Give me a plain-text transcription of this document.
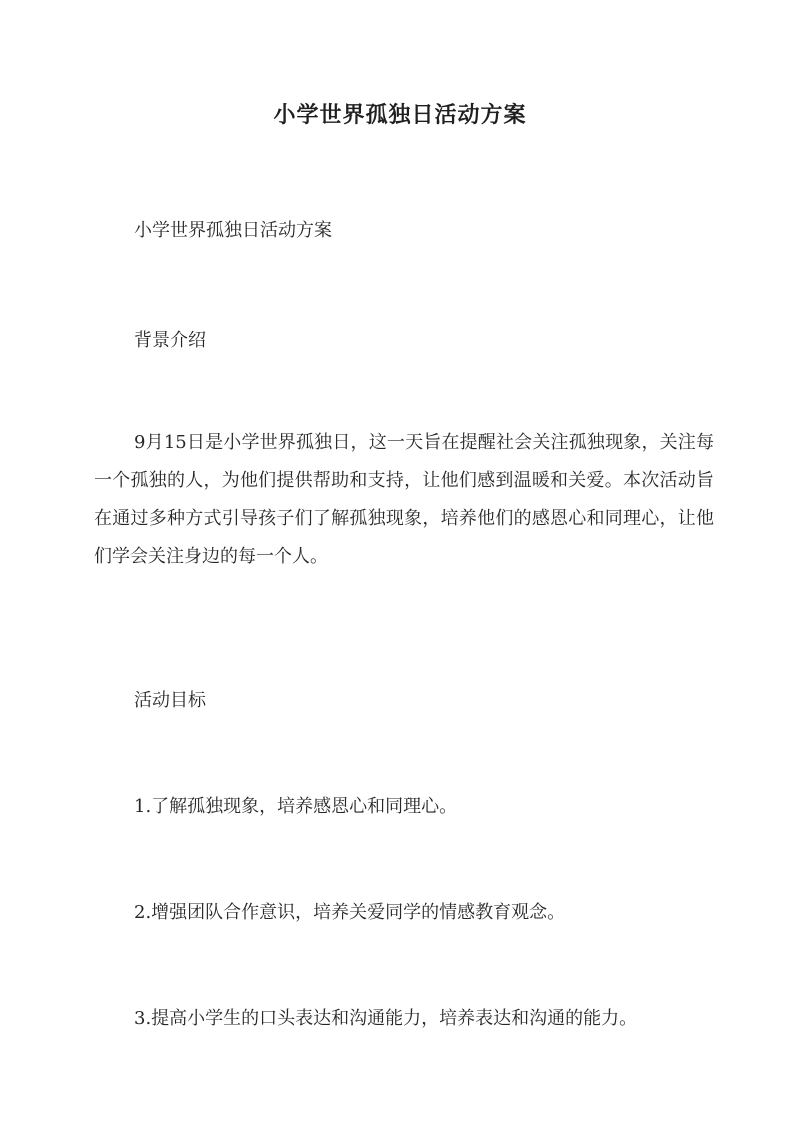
小学世界孤独日活动方案
小学世界孤独日活动方案
背景介绍
9月15日是小学世界孤独日，这一天旨在提醒社会关注孤独现象，关注每一个孤独的人，为他们提供帮助和支持，让他们感到温暖和关爱。本次活动旨在通过多种方式引导孩子们了解孤独现象，培养他们的感恩心和同理心，让他们学会关注身边的每一个人。
活动目标
1.了解孤独现象，培养感恩心和同理心。
2.增强团队合作意识，培养关爱同学的情感教育观念。
3.提高小学生的口头表达和沟通能力，培养表达和沟通的能力。
